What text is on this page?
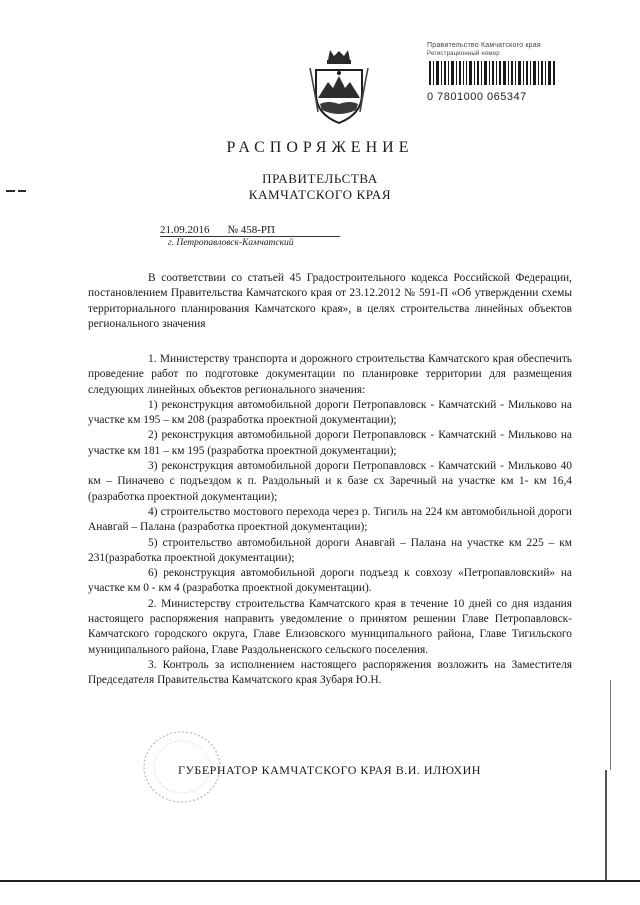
Правительство Камчатского края
Регистрационный номер
0 7801000 065347
РАСПОРЯЖЕНИЕ
ПРАВИТЕЛЬСТВА
КАМЧАТСКОГО КРАЯ
21.09.2016 № 458-РП
г. Петропавловск-Камчатский

В соответствии со статьей 45 Градостроительного кодекса Российской Федерации, постановлением Правительства Камчатского края от 23.12.2012 № 591-П «Об утверждении схемы территориального планирования Камчатского края», в целях строительства линейных объектов регионального значения

1. Министерству транспорта и дорожного строительства Камчатского края обеспечить проведение работ по подготовке документации по планировке территории для размещения следующих линейных объектов регионального значения:

1) реконструкция автомобильной дороги Петропавловск - Камчатский - Мильково на участке км 195 – км 208 (разработка проектной документации);

2) реконструкция автомобильной дороги Петропавловск - Камчатский - Мильково на участке км 181 – км 195 (разработка проектной документации);

3) реконструкция автомобильной дороги Петропавловск - Камчатский - Мильково 40 км – Пиначево с подъездом к п. Раздольный и к базе сх Заречный на участке км 1- км 16,4 (разработка проектной документации);

4) строительство мостового перехода через р. Тигиль на 224 км автомобильной дороги Анавгай – Палана (разработка проектной документации);

5) строительство автомобильной дороги Анавгай – Палана на участке км 225 – км 231(разработка проектной документации);

6) реконструкция автомобильной дороги подъезд к совхозу «Петропавловский» на участке км 0 - км 4 (разработка проектной документации).

2. Министерству строительства Камчатского края в течение 10 дней со дня издания настоящего распоряжения направить уведомление о принятом решении Главе Петропавловск-Камчатского городского округа, Главе Елизовского муниципального района, Главе Тигильского муниципального района, Главе Раздольненского сельского поселения.

3. Контроль за исполнением настоящего распоряжения возложить на Заместителя Председателя Правительства Камчатского края Зубаря Ю.Н.

ГУБЕРНАТОР КАМЧАТСКОГО КРАЯ В.И. ИЛЮХИН
